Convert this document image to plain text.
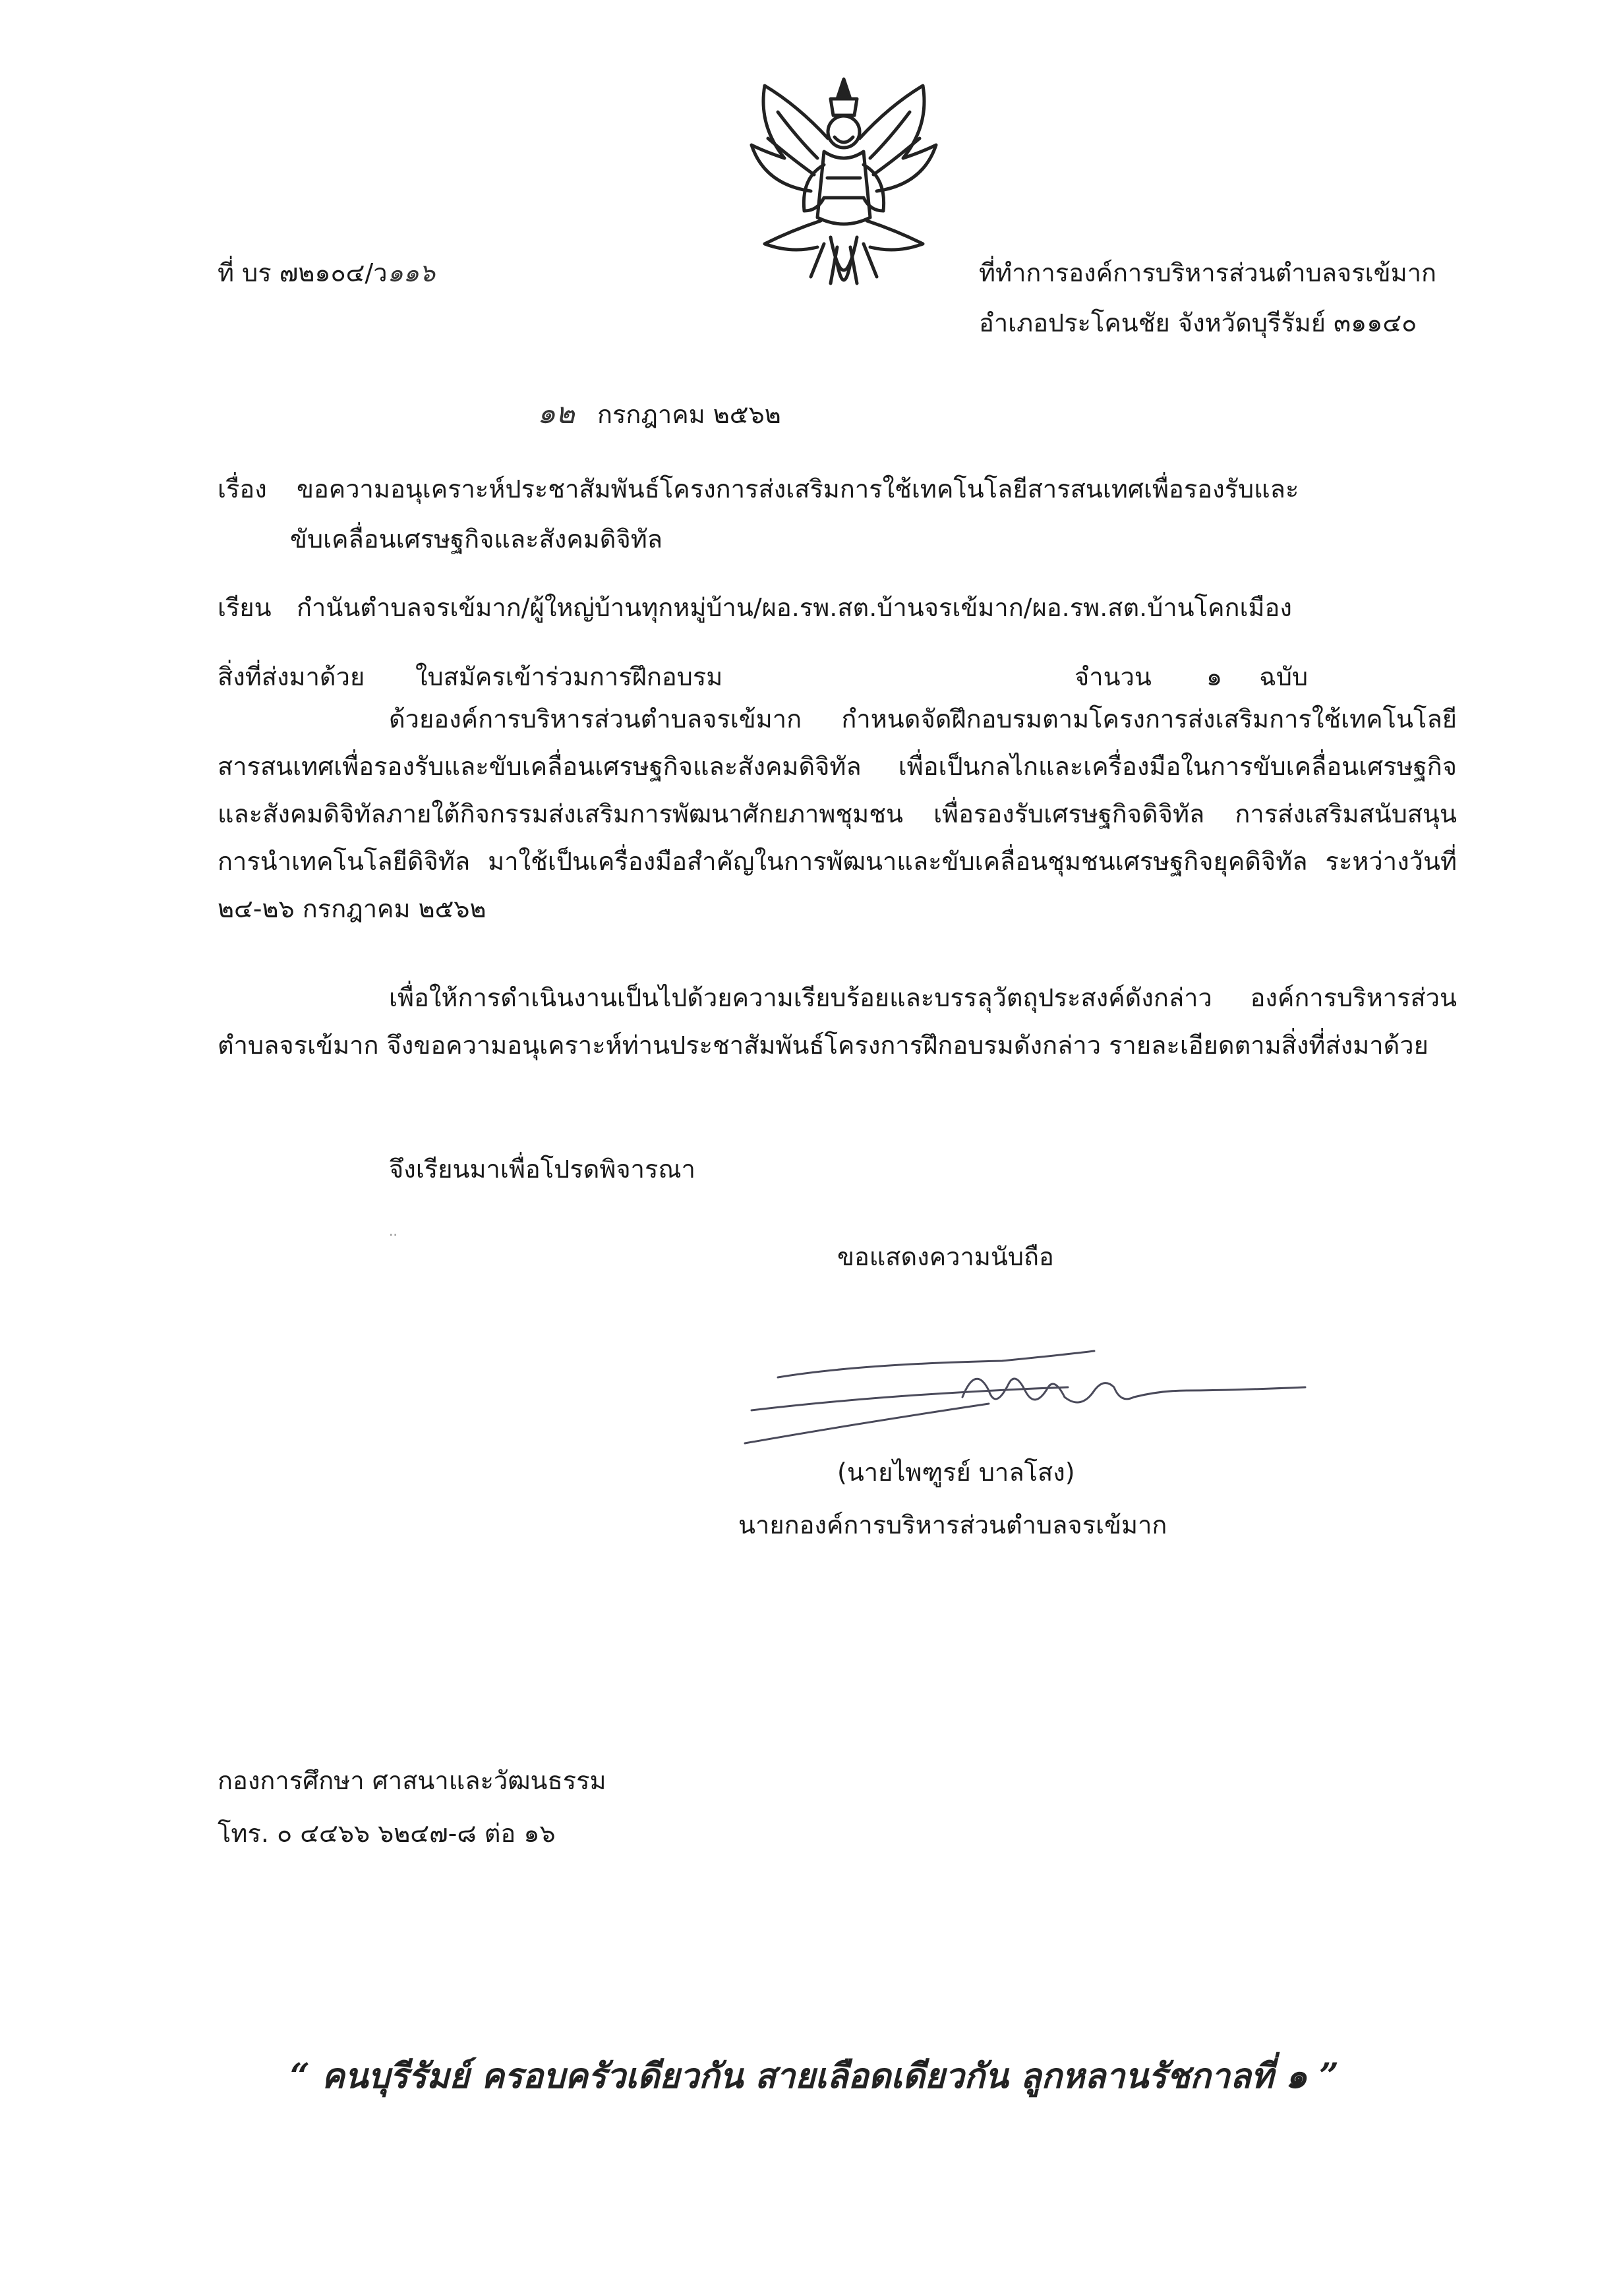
ที่ บร ๗๒๑๐๔/ว๑๑๖	ที่ทำการองค์การบริหารส่วนตำบลจรเข้มาก
อำเภอประโคนชัย จังหวัดบุรีรัมย์ ๓๑๑๔๐
๑๒ กรกฎาคม ๒๕๖๒
เรื่อง ขอความอนุเคราะห์ประชาสัมพันธ์โครงการส่งเสริมการใช้เทคโนโลยีสารสนเทศเพื่อรองรับและ
ขับเคลื่อนเศรษฐกิจและสังคมดิจิทัล
เรียน กำนันตำบลจรเข้มาก/ผู้ใหญ่บ้านทุกหมู่บ้าน/ผอ.รพ.สต.บ้านจรเข้มาก/ผอ.รพ.สต.บ้านโคกเมือง
สิ่งที่ส่งมาด้วย ใบสมัครเข้าร่วมการฝึกอบรม	จำนวน ๑ ฉบับ
ด้วยองค์การบริหารส่วนตำบลจรเข้มาก กำหนดจัดฝึกอบรมตามโครงการส่งเสริมการใช้เทคโนโลยีสารสนเทศเพื่อรองรับและขับเคลื่อนเศรษฐกิจและสังคมดิจิทัล เพื่อเป็นกลไกและเครื่องมือในการขับเคลื่อนเศรษฐกิจและสังคมดิจิทัลภายใต้กิจกรรมส่งเสริมการพัฒนาศักยภาพชุมชน เพื่อรองรับเศรษฐกิจดิจิทัล การส่งเสริมสนับสนุนการนำเทคโนโลยีดิจิทัล มาใช้เป็นเครื่องมือสำคัญในการพัฒนาและขับเคลื่อนชุมชนเศรษฐกิจยุคดิจิทัล ระหว่างวันที่ ๒๔-๒๖ กรกฎาคม ๒๕๖๒
เพื่อให้การดำเนินงานเป็นไปด้วยความเรียบร้อยและบรรลุวัตถุประสงค์ดังกล่าว องค์การบริหารส่วนตำบลจรเข้มาก จึงขอความอนุเคราะห์ท่านประชาสัมพันธ์โครงการฝึกอบรมดังกล่าว รายละเอียดตามสิ่งที่ส่งมาด้วย
จึงเรียนมาเพื่อโปรดพิจารณา
··
ขอแสดงความนับถือ
(นายไพฑูรย์ บาลโสง)
นายกองค์การบริหารส่วนตำบลจรเข้มาก
กองการศึกษา ศาสนาและวัฒนธรรม
โทร. ๐ ๔๔๖๖ ๖๒๔๗-๘ ต่อ ๑๖
“ คนบุรีรัมย์ ครอบครัวเดียวกัน สายเลือดเดียวกัน ลูกหลานรัชกาลที่ ๑ ”
